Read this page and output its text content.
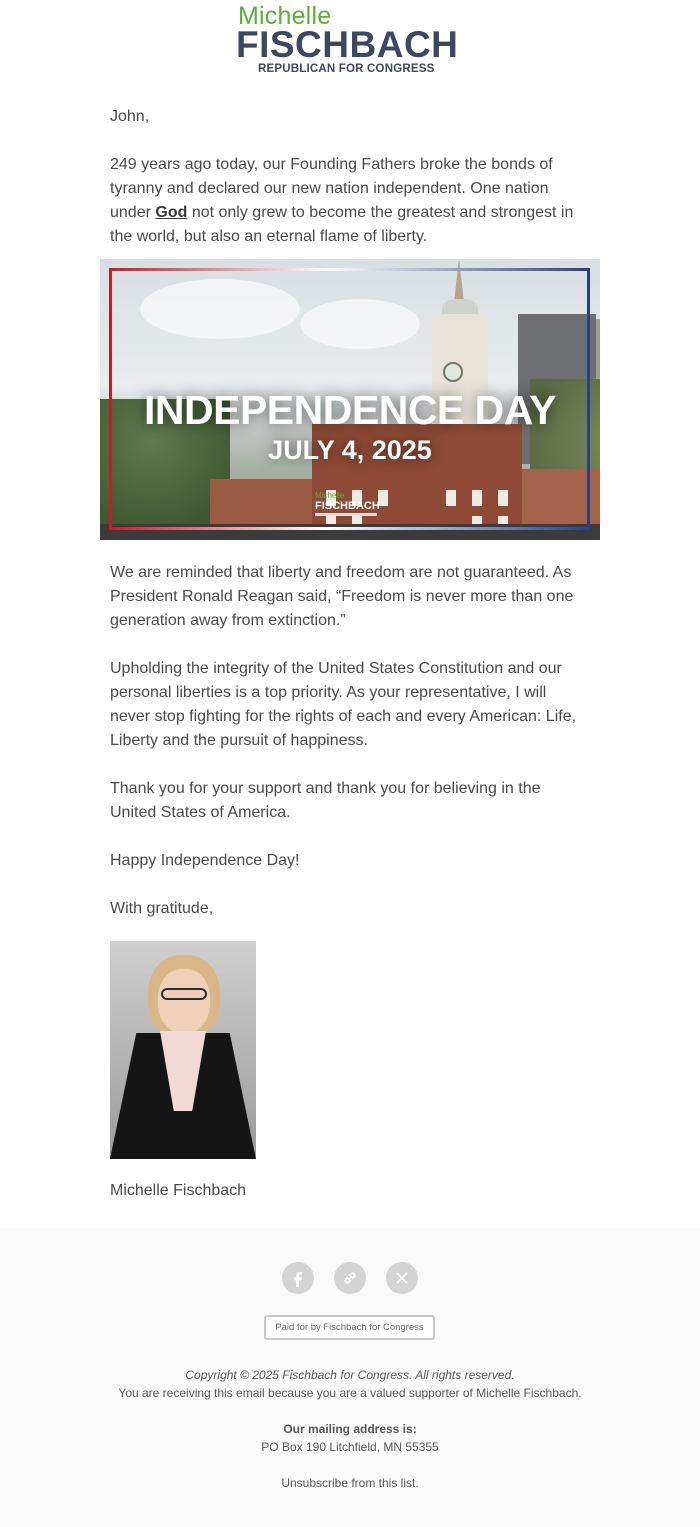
Michelle
FISCHBACH
REPUBLICAN FOR CONGRESS

John,

249 years ago today, our Founding Fathers broke the bonds of tyranny and declared our new nation independent. One nation under God not only grew to become the greatest and strongest in the world, but also an eternal flame of liberty.

INDEPENDENCE DAY
JULY 4, 2025
Michelle
FISCHBACH

We are reminded that liberty and freedom are not guaranteed. As President Ronald Reagan said, “Freedom is never more than one generation away from extinction.”

Upholding the integrity of the United States Constitution and our personal liberties is a top priority. As your representative, I will never stop fighting for the rights of each and every American: Life, Liberty and the pursuit of happiness.

Thank you for your support and thank you for believing in the United States of America.

Happy Independence Day!

With gratitude,

Michelle Fischbach

Paid for by Fischbach for Congress
Copyright © 2025 Fischbach for Congress. All rights reserved.
You are receiving this email because you are a valued supporter of Michelle Fischbach.
Our mailing address is:
PO Box 190 Litchfield, MN 55355
Unsubscribe from this list.
